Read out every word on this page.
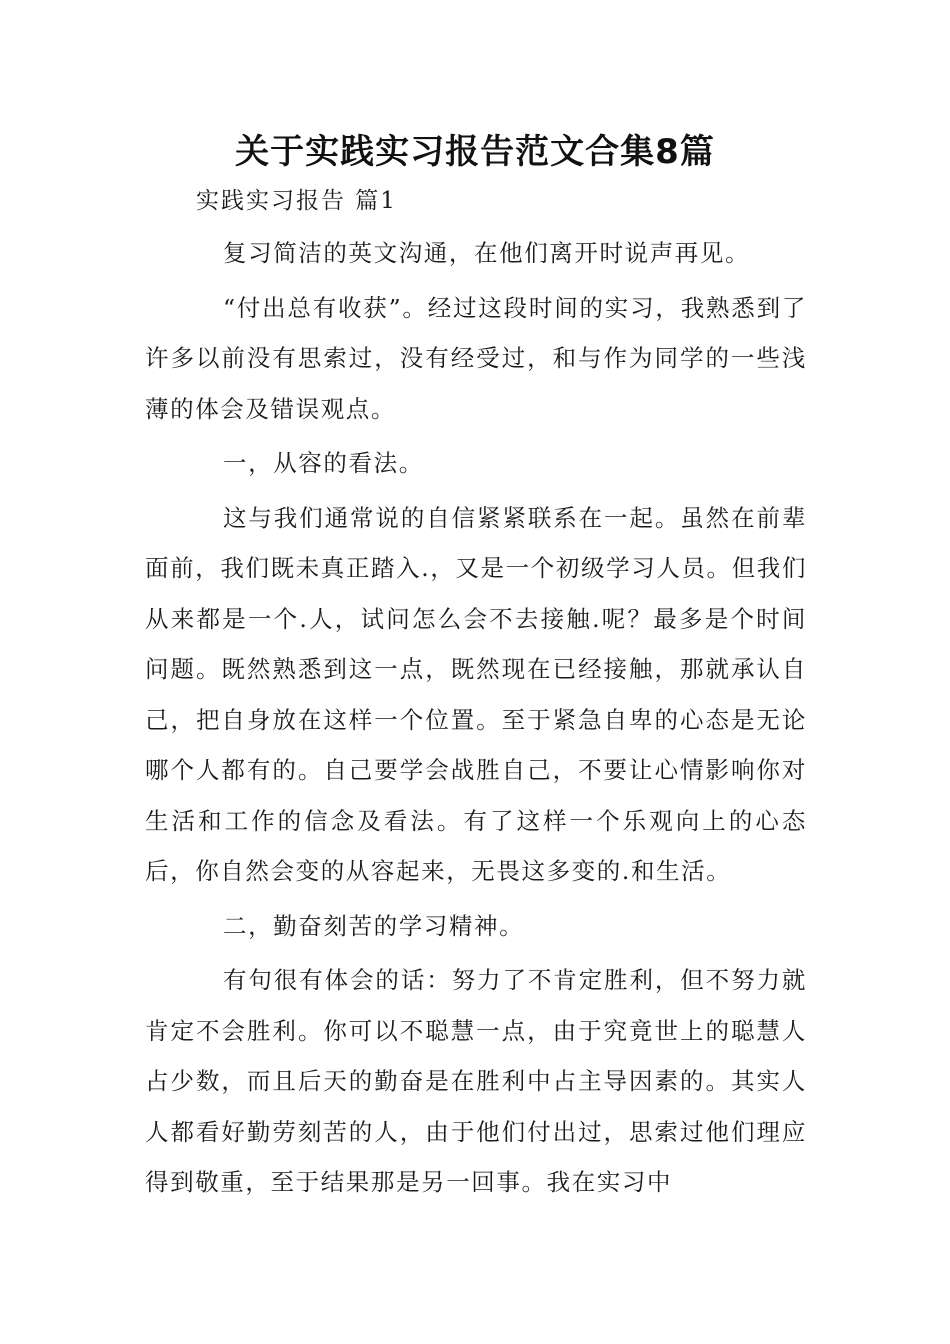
关于实践实习报告范文合集8篇
实践实习报告 篇1

复习简洁的英文沟通，在他们离开时说声再见。

“付出总有收获”。经过这段时间的实习，我熟悉到了许多以前没有思索过，没有经受过，和与作为同学的一些浅薄的体会及错误观点。

一，从容的看法。

这与我们通常说的自信紧紧联系在一起。虽然在前辈面前，我们既未真正踏入.，又是一个初级学习人员。但我们从来都是一个.人，试问怎么会不去接触.呢？最多是个时间问题。既然熟悉到这一点，既然现在已经接触，那就承认自己，把自身放在这样一个位置。至于紧急自卑的心态是无论哪个人都有的。自己要学会战胜自己，不要让心情影响你对生活和工作的信念及看法。有了这样一个乐观向上的心态后，你自然会变的从容起来，无畏这多变的.和生活。

二，勤奋刻苦的学习精神。

有句很有体会的话：努力了不肯定胜利，但不努力就肯定不会胜利。你可以不聪慧一点，由于究竟世上的聪慧人占少数，而且后天的勤奋是在胜利中占主导因素的。其实人人都看好勤劳刻苦的人，由于他们付出过，思索过他们理应得到敬重，至于结果那是另一回事。我在实习中
